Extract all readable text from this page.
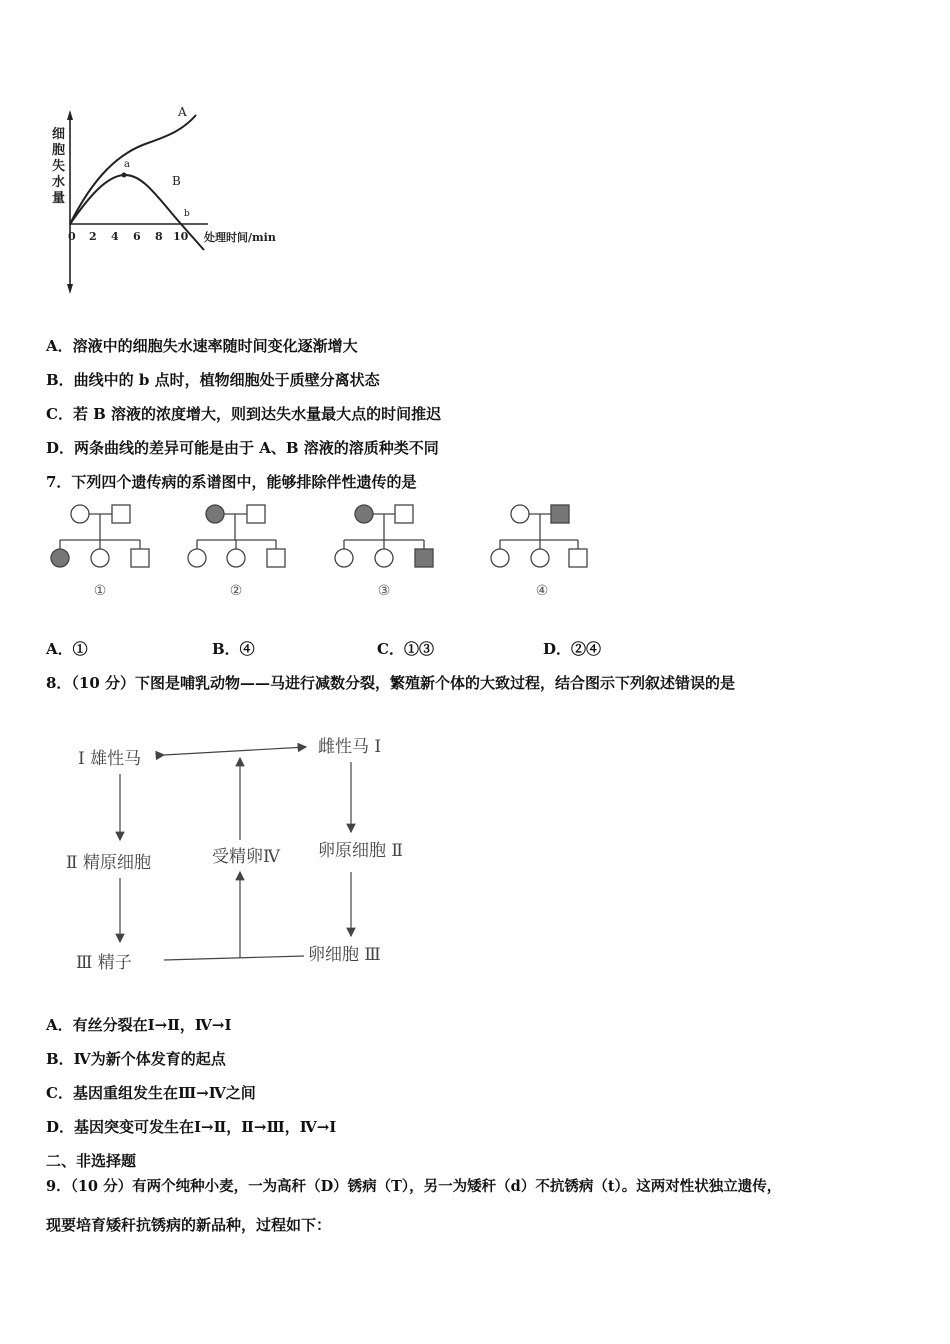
细胞失水量
0 2 4 6 8 10 处理时间/min
A
a
B
b
A．溶液中的细胞失水速率随时间变化逐渐增大
B．曲线中的 b 点时，植物细胞处于质壁分离状态
C．若 B 溶液的浓度增大，则到达失水量最大点的时间推迟
D．两条曲线的差异可能是由于 A、B 溶液的溶质种类不同
7．下列四个遗传病的系谱图中，能够排除伴性遗传的是
①	②	③	④
A．①	B．④	C．①③	D．②④
8．（10 分）下图是哺乳动物——马进行减数分裂，繁殖新个体的大致过程，结合图示下列叙述错误的是
Ⅰ 雄性马
雌性马 Ⅰ
Ⅱ 精原细胞	受精卵Ⅳ 卵原细胞 Ⅱ
Ⅲ 精子	卵细胞 Ⅲ
A．有丝分裂在Ⅰ→Ⅱ，Ⅳ→Ⅰ
B．Ⅳ为新个体发育的起点
C．基因重组发生在Ⅲ→Ⅳ之间
D．基因突变可发生在Ⅰ→Ⅱ，Ⅱ→Ⅲ，Ⅳ→Ⅰ
二、非选择题
9．（10 分）有两个纯种小麦，一为高秆（D）锈病（T），另一为矮秆（d）不抗锈病（t）。这两对性状独立遗传，
现要培育矮秆抗锈病的新品种，过程如下：
